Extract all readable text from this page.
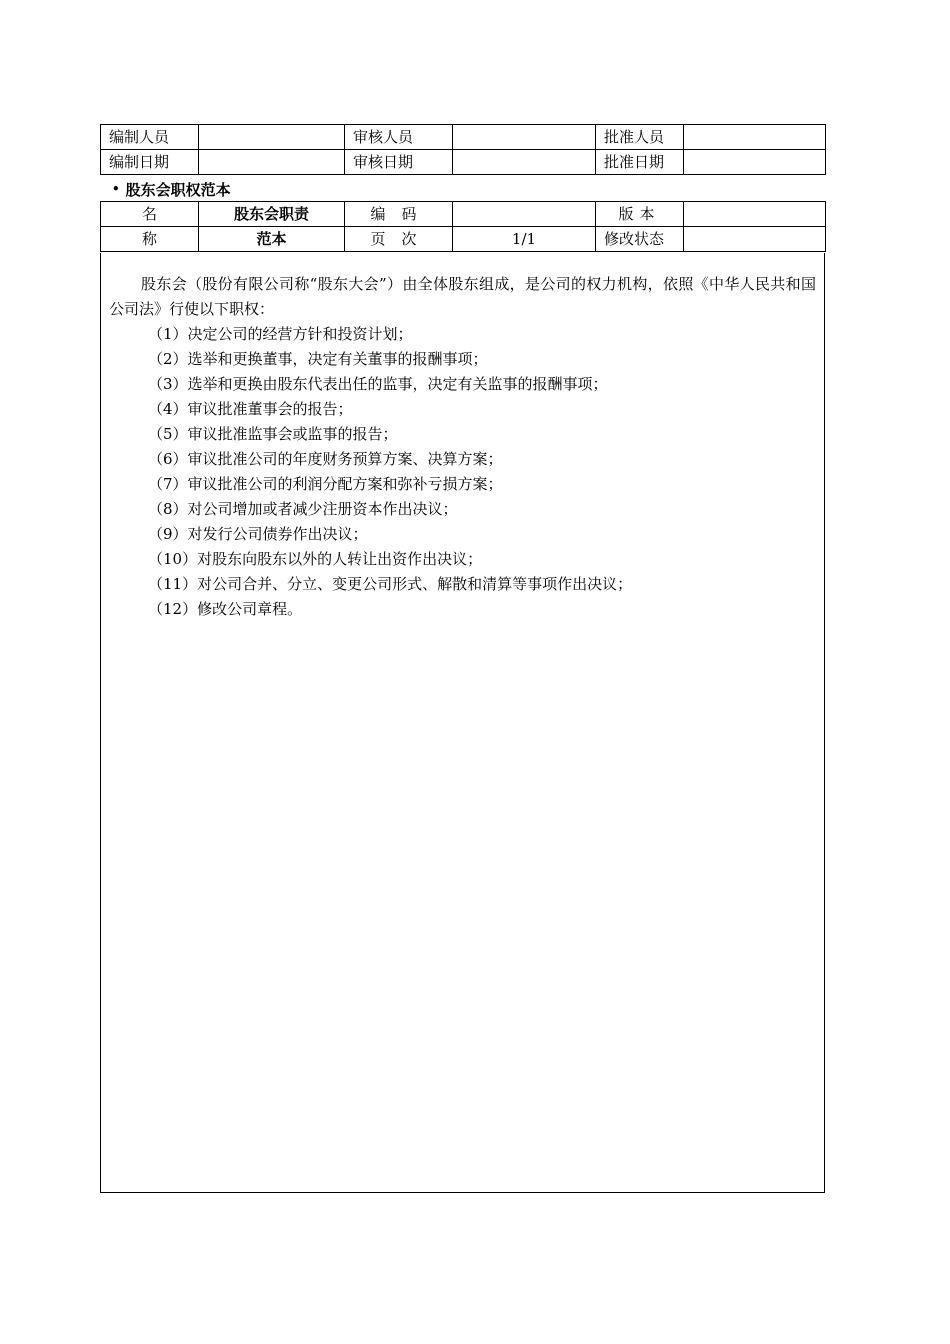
编制人员		审核人员		批准人员	
编制日期		审核日期		批准日期	
• 股东会职权范本
名	股东会职责	编码		版本	
称	范本	页次	1/1	修改状态	

股东会（股份有限公司称“股东大会”）由全体股东组成，是公司的权力机构，依照《中华人民共和国公司法》行使以下职权：

（1）决定公司的经营方针和投资计划；
（2）选举和更换董事，决定有关董事的报酬事项；
（3）选举和更换由股东代表出任的监事，决定有关监事的报酬事项；
（4）审议批准董事会的报告；
（5）审议批准监事会或监事的报告；
（6）审议批准公司的年度财务预算方案、决算方案；
（7）审议批准公司的利润分配方案和弥补亏损方案；
（8）对公司增加或者减少注册资本作出决议；
（9）对发行公司债券作出决议；
（10）对股东向股东以外的人转让出资作出决议；
（11）对公司合并、分立、变更公司形式、解散和清算等事项作出决议；
（12）修改公司章程。
